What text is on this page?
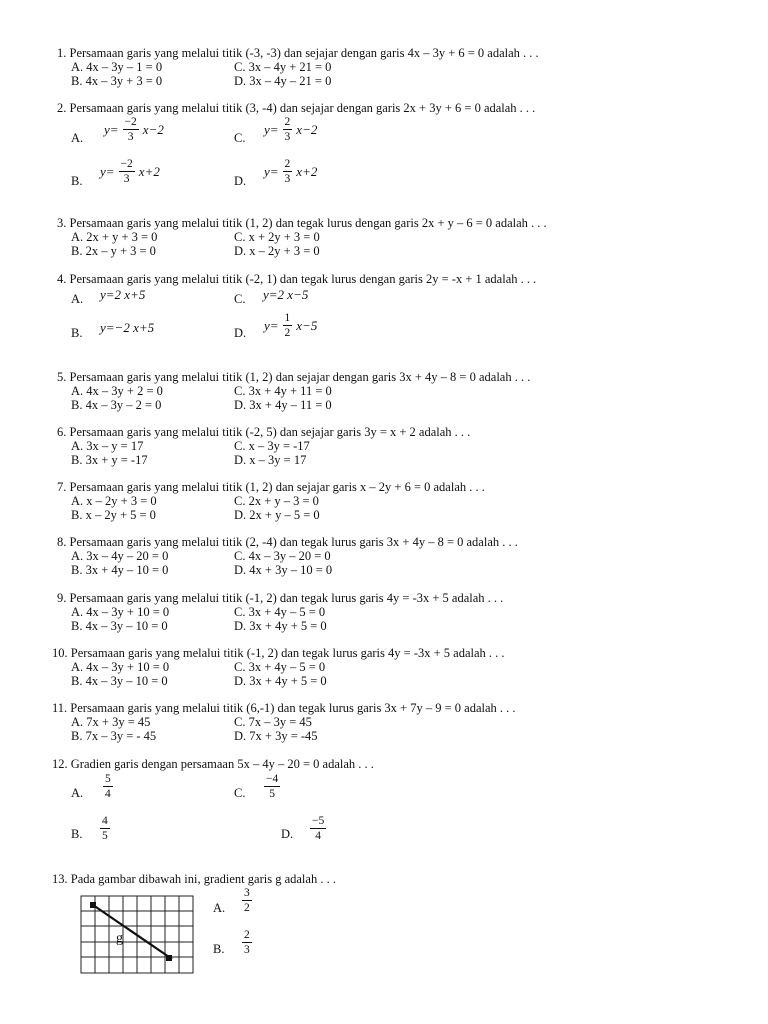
1. Persamaan garis yang melalui titik (-3, -3) dan sejajar dengan garis 4x – 3y + 6 = 0 adalah . . .
A. 4x – 3y – 1 = 0
B. 4x – 3y + 3 = 0
C. 3x – 4y + 21 = 0
D. 3x – 4y – 21 = 0
2. Persamaan garis yang melalui titik (3, -4) dan sejajar dengan garis 2x + 3y + 6 = 0 adalah . . .
A.
$y= \frac{-2}{3} x-2$
C.
$y= \frac{2}{3} x-2$
B.
$y= \frac{-2}{3} x+2$
D.
$y= \frac{2}{3} x+2$
3. Persamaan garis yang melalui titik (1, 2) dan tegak lurus dengan garis 2x + y – 6 = 0 adalah . . .
A. 2x + y + 3 = 0
B. 2x – y + 3 = 0
C. x + 2y + 3 = 0
D. x – 2y + 3 = 0
4. Persamaan garis yang melalui titik (-2, 1) dan tegak lurus dengan garis 2y = -x + 1 adalah . . .
A. y=2 x+5	C. y=2 x−5
B. y=−2 x+5	D.
$y= \frac{1}{2} x-5$
5. Persamaan garis yang melalui titik (1, 2) dan sejajar dengan garis 3x + 4y – 8 = 0 adalah . . .
A. 4x – 3y + 2 = 0
B. 4x – 3y – 2 = 0
C. 3x + 4y + 11 = 0
D. 3x + 4y – 11 = 0
6. Persamaan garis yang melalui titik (-2, 5) dan sejajar garis 3y = x + 2 adalah . . .
A. 3x – y = 17
B. 3x + y = -17
C. x – 3y = -17
D. x – 3y = 17
7. Persamaan garis yang melalui titik (1, 2) dan sejajar garis x – 2y + 6 = 0 adalah . . .
A. x – 2y + 3 = 0
B. x – 2y + 5 = 0
C. 2x + y – 3 = 0
D. 2x + y – 5 = 0
8. Persamaan garis yang melalui titik (2, -4) dan tegak lurus garis 3x + 4y – 8 = 0 adalah . . .
A. 3x – 4y – 20 = 0
B. 3x + 4y – 10 = 0
C. 4x – 3y – 20 = 0
D. 4x + 3y – 10 = 0
9. Persamaan garis yang melalui titik (-1, 2) dan tegak lurus garis 4y = -3x + 5 adalah . . .
A. 4x – 3y + 10 = 0
B. 4x – 3y – 10 = 0
C. 3x + 4y – 5 = 0
D. 3x + 4y + 5 = 0
10. Persamaan garis yang melalui titik (-1, 2) dan tegak lurus garis 4y = -3x + 5 adalah . . .
A. 4x – 3y + 10 = 0
B. 4x – 3y – 10 = 0
C. 3x + 4y – 5 = 0
D. 3x + 4y + 5 = 0
11. Persamaan garis yang melalui titik (6,-1) dan tegak lurus garis 3x + 7y – 9 = 0 adalah . . .
A. 7x + 3y = 45
B. 7x – 3y = - 45
C. 7x – 3y = 45
D. 7x + 3y = -45
12. Gradien garis dengan persamaan 5x – 4y – 20 = 0 adalah . . .
A. $\frac{5}{4}$	C. $\frac{-4}{5}$
B. $\frac{4}{5}$	D. $\frac{-5}{4}$
13. Pada gambar dibawah ini, gradient garis g adalah . . .
g
A. $\frac{3}{2}$
B. $\frac{2}{3}$
